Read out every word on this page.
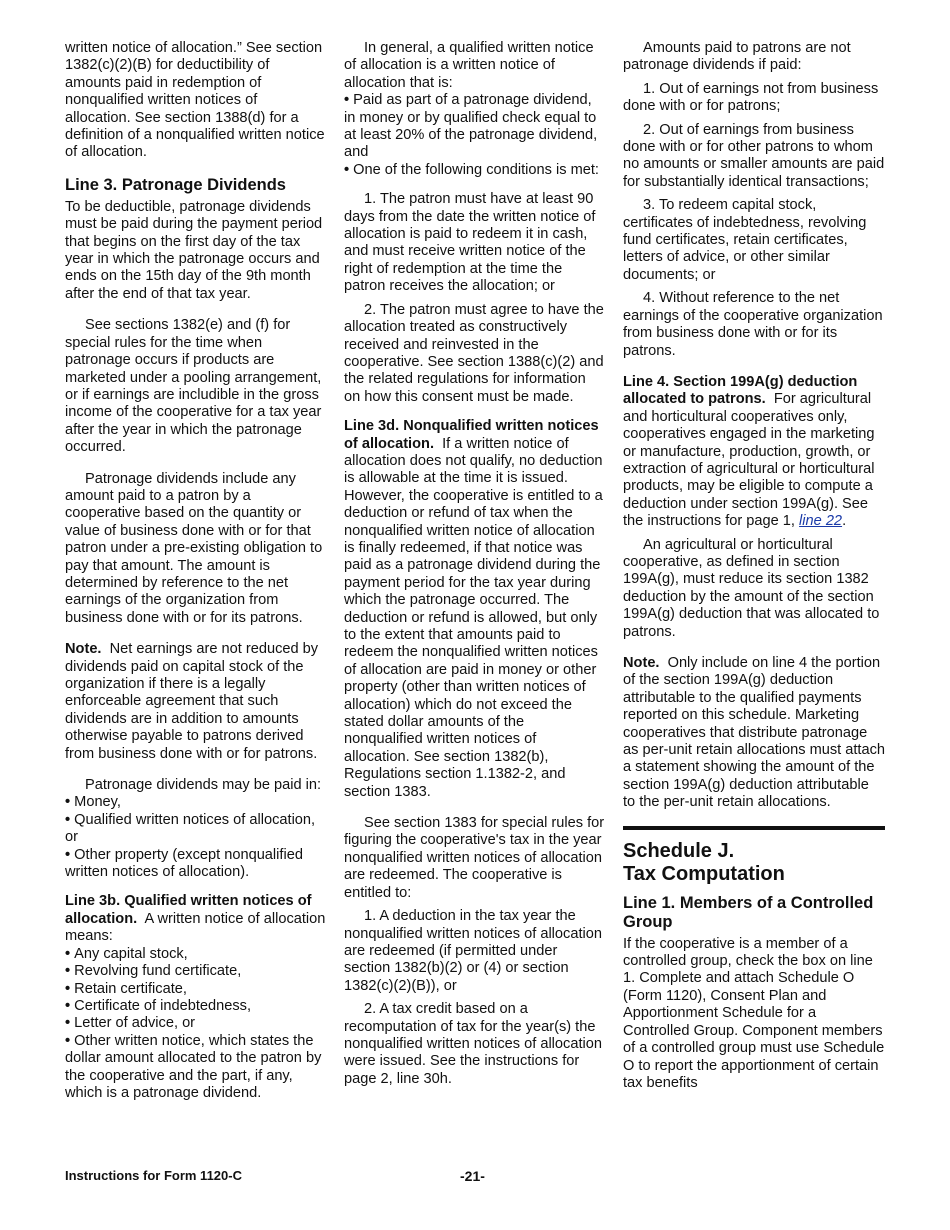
written notice of allocation.” See section 1382(c)(2)(B) for deductibility of amounts paid in redemption of nonqualified written notices of allocation. See section 1388(d) for a definition of a nonqualified written notice of allocation.

Line 3. Patronage Dividends

To be deductible, patronage dividends must be paid during the payment period that begins on the first day of the tax year in which the patronage occurs and ends on the 15th day of the 9th month after the end of that tax year.

See sections 1382(e) and (f) for special rules for the time when patronage occurs if products are marketed under a pooling arrangement, or if earnings are includible in the gross income of the cooperative for a tax year after the year in which the patronage occurred.

Patronage dividends include any amount paid to a patron by a cooperative based on the quantity or value of business done with or for that patron under a pre-existing obligation to pay that amount. The amount is determined by reference to the net earnings of the organization from business done with or for its patrons.

Note. Net earnings are not reduced by dividends paid on capital stock of the organization if there is a legally enforceable agreement that such dividends are in addition to amounts otherwise payable to patrons derived from business done with or for patrons.

Patronage dividends may be paid in:

• Money,
• Qualified written notices of allocation, or
• Other property (except nonqualified written notices of allocation).

Line 3b. Qualified written notices of allocation. A written notice of allocation means:

• Any capital stock,
• Revolving fund certificate,
• Retain certificate,
• Certificate of indebtedness,
• Letter of advice, or
• Other written notice, which states the dollar amount allocated to the patron by the cooperative and the part, if any, which is a patronage dividend.

In general, a qualified written notice of allocation is a written notice of allocation that is:

• Paid as part of a patronage dividend, in money or by qualified check equal to at least 20% of the patronage dividend, and
• One of the following conditions is met:
1. The patron must have at least 90 days from the date the written notice of allocation is paid to redeem it in cash, and must receive written notice of the right of redemption at the time the patron receives the allocation; or
2. The patron must agree to have the allocation treated as constructively received and reinvested in the cooperative. See section 1388(c)(2) and the related regulations for information on how this consent must be made.

Line 3d. Nonqualified written notices of allocation. If a written notice of allocation does not qualify, no deduction is allowable at the time it is issued. However, the cooperative is entitled to a deduction or refund of tax when the nonqualified written notice of allocation is finally redeemed, if that notice was paid as a patronage dividend during the payment period for the tax year during which the patronage occurred. The deduction or refund is allowed, but only to the extent that amounts paid to redeem the nonqualified written notices of allocation are paid in money or other property (other than written notices of allocation) which do not exceed the stated dollar amounts of the nonqualified written notices of allocation. See section 1382(b), Regulations section 1.1382-2, and section 1383.

See section 1383 for special rules for figuring the cooperative's tax in the year nonqualified written notices of allocation are redeemed. The cooperative is entitled to:

1. A deduction in the tax year the nonqualified written notices of allocation are redeemed (if permitted under section 1382(b)(2) or (4) or section 1382(c)(2)(B)), or
2. A tax credit based on a recomputation of tax for the year(s) the nonqualified written notices of allocation were issued. See the instructions for page 2, line 30h.

Amounts paid to patrons are not patronage dividends if paid:

1. Out of earnings not from business done with or for patrons;
2. Out of earnings from business done with or for other patrons to whom no amounts or smaller amounts are paid for substantially identical transactions;
3. To redeem capital stock, certificates of indebtedness, revolving fund certificates, retain certificates, letters of advice, or other similar documents; or
4. Without reference to the net earnings of the cooperative organization from business done with or for its patrons.

Line 4. Section 199A(g) deduction allocated to patrons. For agricultural and horticultural cooperatives only, cooperatives engaged in the marketing or manufacture, production, growth, or extraction of agricultural or horticultural products, may be eligible to compute a deduction under section 199A(g). See the instructions for page 1, line 22.

An agricultural or horticultural cooperative, as defined in section 199A(g), must reduce its section 1382 deduction by the amount of the section 199A(g) deduction that was allocated to patrons.

Note. Only include on line 4 the portion of the section 199A(g) deduction attributable to the qualified payments reported on this schedule. Marketing cooperatives that distribute patronage as per-unit retain allocations must attach a statement showing the amount of the section 199A(g) deduction attributable to the per-unit retain allocations.

Schedule J.
Tax Computation
Line 1. Members of a Controlled Group

If the cooperative is a member of a controlled group, check the box on line 1. Complete and attach Schedule O (Form 1120), Consent Plan and Apportionment Schedule for a Controlled Group. Component members of a controlled group must use Schedule O to report the apportionment of certain tax benefits

Instructions for Form 1120-C	-21-
